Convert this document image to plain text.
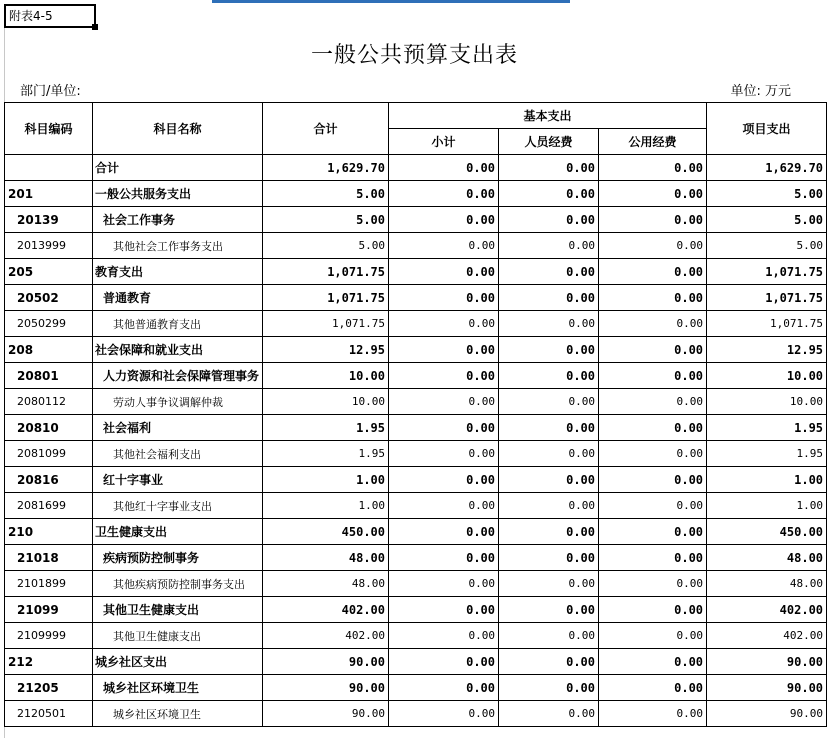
附表4-5
一般公共预算支出表
部门/单位:	单位: 万元
科目编码	科目名称	合计	基本支出			项目支出
			小计	人员经费	公用经费	
	合计	1,629.70	0.00	0.00	0.00	1,629.70
201	一般公共服务支出	5.00	0.00	0.00	0.00	5.00
20139	社会工作事务	5.00	0.00	0.00	0.00	5.00
2013999	其他社会工作事务支出	5.00	0.00	0.00	0.00	5.00
205	教育支出	1,071.75	0.00	0.00	0.00	1,071.75
20502	普通教育	1,071.75	0.00	0.00	0.00	1,071.75
2050299	其他普通教育支出	1,071.75	0.00	0.00	0.00	1,071.75
208	社会保障和就业支出	12.95	0.00	0.00	0.00	12.95
20801	人力资源和社会保障管理事务	10.00	0.00	0.00	0.00	10.00
2080112	劳动人事争议调解仲裁	10.00	0.00	0.00	0.00	10.00
20810	社会福利	1.95	0.00	0.00	0.00	1.95
2081099	其他社会福利支出	1.95	0.00	0.00	0.00	1.95
20816	红十字事业	1.00	0.00	0.00	0.00	1.00
2081699	其他红十字事业支出	1.00	0.00	0.00	0.00	1.00
210	卫生健康支出	450.00	0.00	0.00	0.00	450.00
21018	疾病预防控制事务	48.00	0.00	0.00	0.00	48.00
2101899	其他疾病预防控制事务支出	48.00	0.00	0.00	0.00	48.00
21099	其他卫生健康支出	402.00	0.00	0.00	0.00	402.00
2109999	其他卫生健康支出	402.00	0.00	0.00	0.00	402.00
212	城乡社区支出	90.00	0.00	0.00	0.00	90.00
21205	城乡社区环境卫生	90.00	0.00	0.00	0.00	90.00
2120501	城乡社区环境卫生	90.00	0.00	0.00	0.00	90.00
